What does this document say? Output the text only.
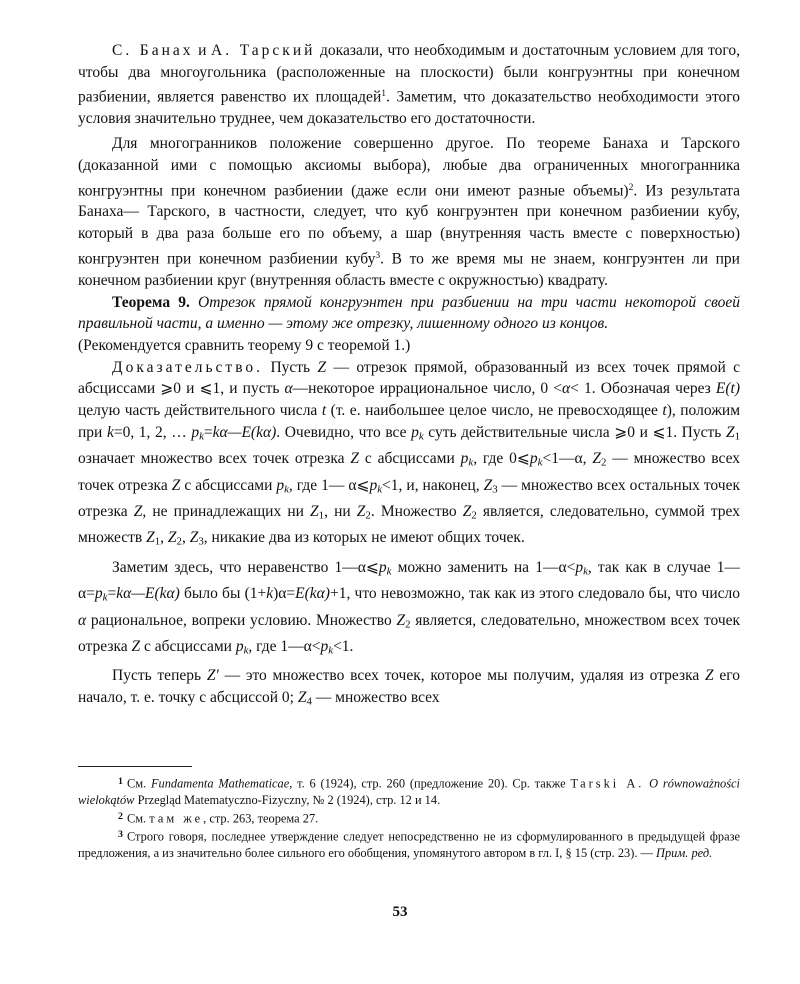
С. Банах и А. Тарский доказали, что необходимым и достаточным условием для того, чтобы два многоугольника (расположенные на плоскости) были конгруэнтны при конечном разбиении, является равенство их площадей$^1$. Заметим, что доказательство необходимости этого условия значительно труднее, чем доказательство его достаточности.

Для многогранников положение совершенно другое. По теореме Банаха и Тарского (доказанной ими с помощью аксиомы выбора), любые два ограниченных многогранника конгруэнтны при конечном разбиении (даже если они имеют разные объемы)$^2$. Из результата Банаха— Тарского, в частности, следует, что куб конгруэнтен при конечном разбиении кубу, который в два раза больше его по объему, а шар (внутренняя часть вместе с поверхностью) конгруэнтен при конечном разбиении кубу$^3$. В то же время мы не знаем, конгруэнтен ли при конечном разбиении круг (внутренняя область вместе с окружностью) квадрату.

Теорема 9. Отрезок прямой конгруэнтен при разбиении на три части некоторой своей правильной части, а именно — этому же отрезку, лишенному одного из концов.

(Рекомендуется сравнить теорему 9 с теоремой 1.)

Доказательство. Пусть Z — отрезок прямой, образованный из всех точек прямой с абсциссами ⩾0 и ⩽1, и пусть α—некоторое иррациональное число, 0 <α< 1. Обозначая через E(t) целую часть действительного числа t (т. е. наибольшее целое число, не превосходящее t), положим при k=0, 1, 2, … $p_k=k\alpha—E(k\alpha)$. Очевидно, что все $p_k$ суть действительные числа ⩾0 и ⩽1. Пусть $Z_1$ означает множество всех точек отрезка Z с абсциссами $p_k$, где $0⩽p_k<1—\alpha$, $Z_2$ — множество всех точек отрезка Z с абсциссами $p_k$, где 1— $\alpha⩽p_k<1$, и, наконец, $Z_3$ — множество всех остальных точек отрезка Z, не принадлежащих ни $Z_1$, ни $Z_2$. Множество $Z_2$ является, следовательно, суммой трех множеств $Z_1$, $Z_2$, $Z_3$, никакие два из которых не имеют общих точек.

Заметим здесь, что неравенство $1—\alpha⩽p_k$ можно заменить на $1—\alpha<p_k$, так как в случае $1—\alpha=p_k=k\alpha—E(k\alpha)$ было бы (1+k)α=E(kα)+1, что невозможно, так как из этого следовало бы, что число α рациональное, вопреки условию. Множество $Z_2$ является, следовательно, множеством всех точек отрезка Z с абсциссами $p_k$, где $1—\alpha<p_k<1$.

Пусть теперь Z′ — это множество всех точек, которое мы получим, удаляя из отрезка Z его начало, т. е. точку с абсциссой 0; $Z_4$ — множество всех

$^1$ См. Fundamenta Mathematicae, т. 6 (1924), стр. 260 (предложение 20). Ср. также Tarski A. O równoważności wielokątów Przegląd Matematyczno-Fizyczny, № 2 (1924), стр. 12 и 14.

$^2$ См. там же, стр. 263, теорема 27.

$^3$ Строго говоря, последнее утверждение следует непосредственно не из сформулированного в предыдущей фразе предложения, а из значительно более сильного его обобщения, упомянутого автором в гл. I, § 15 (стр. 23). — Прим. ред.

53
